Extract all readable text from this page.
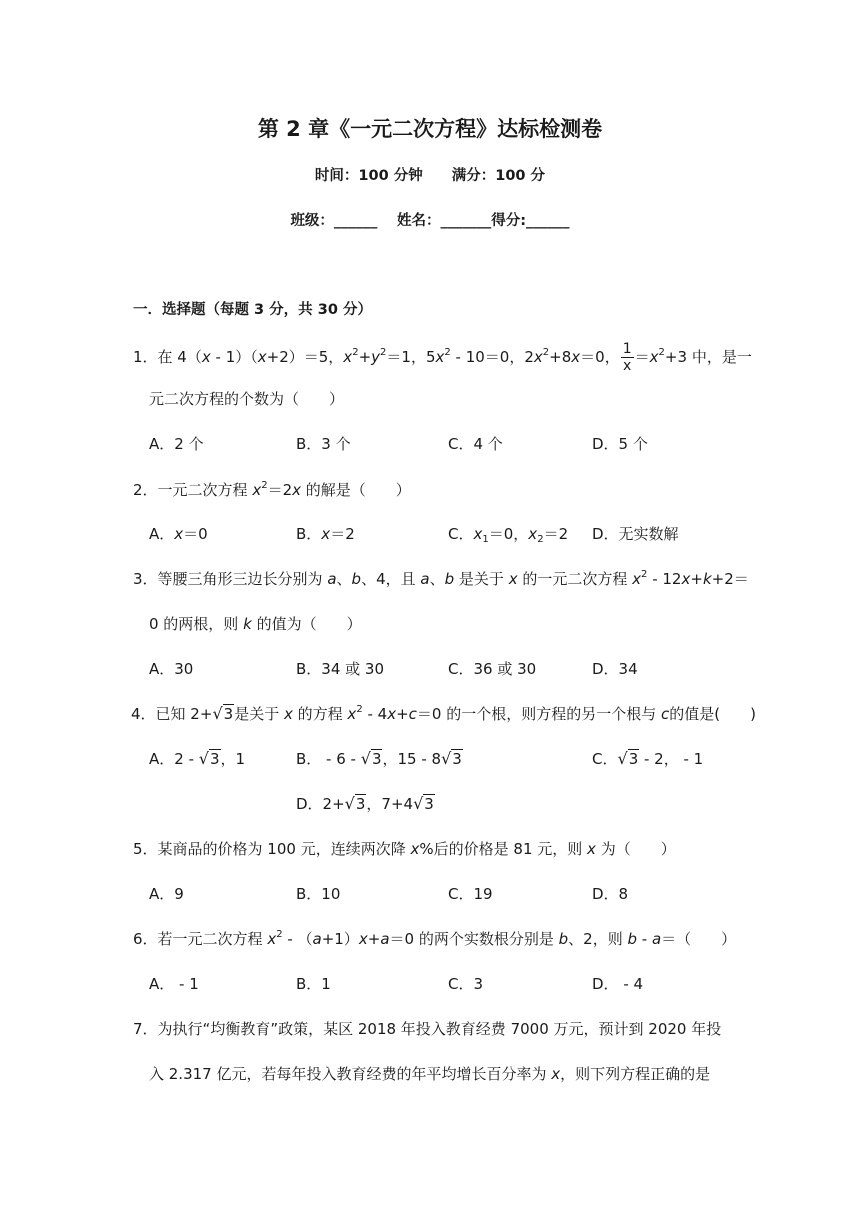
第 2 章《一元二次方程》达标检测卷
时间：100 分钟　　满分：100 分
班级：______　 姓名：_______得分:______
一．选择题（每题 3 分，共 30 分）
1．在 4（x - 1）（x+2）＝5，$x^2+y^2=1$，$5x^2 - 10=0$，$2x^2+8x=0$， $\frac{1}{x} =x^2+3$ 中，是一
元二次方程的个数为（　　）
A．2 个	B．3 个	C．4 个	D．5 个
2．一元二次方程 $x^2=2x$ 的解是（　　）
A．x＝0	B．x＝2	C．$x_1=0$，$x_2=2$ D．无实数解
3．等腰三角形三边长分别为 a、b、4，且 a、b 是关于 x 的一元二次方程 $x^2 - 12x+k+2=$
0 的两根，则 k 的值为（　　）
A．30	B．34 或 30	C．36 或 30	D．34
4．已知 2+√3是关于 x 的方程 $x^2 - 4x+c=0$ 的一个根，则方程的另一个根与 c的值是(　　)
A．2 - √3，1	B． - 6 - √3，15 - 8√3	C．√3 - 2， - 1
D．2+√3，7+4√3
5．某商品的价格为 100 元，连续两次降 x%后的价格是 81 元，则 x 为（　　）
A．9	B．10	C．19	D．8
6．若一元二次方程 $x^2 - (a+1)x+a=0$ 的两个实数根分别是 b、2，则 b - a＝（　　）
A． - 1	B．1	C．3	D． - 4
7．为执行“均衡教育”政策，某区 2018 年投入教育经费 7000 万元，预计到 2020 年投
入 2.317 亿元，若每年投入教育经费的年平均增长百分率为 x，则下列方程正确的是
